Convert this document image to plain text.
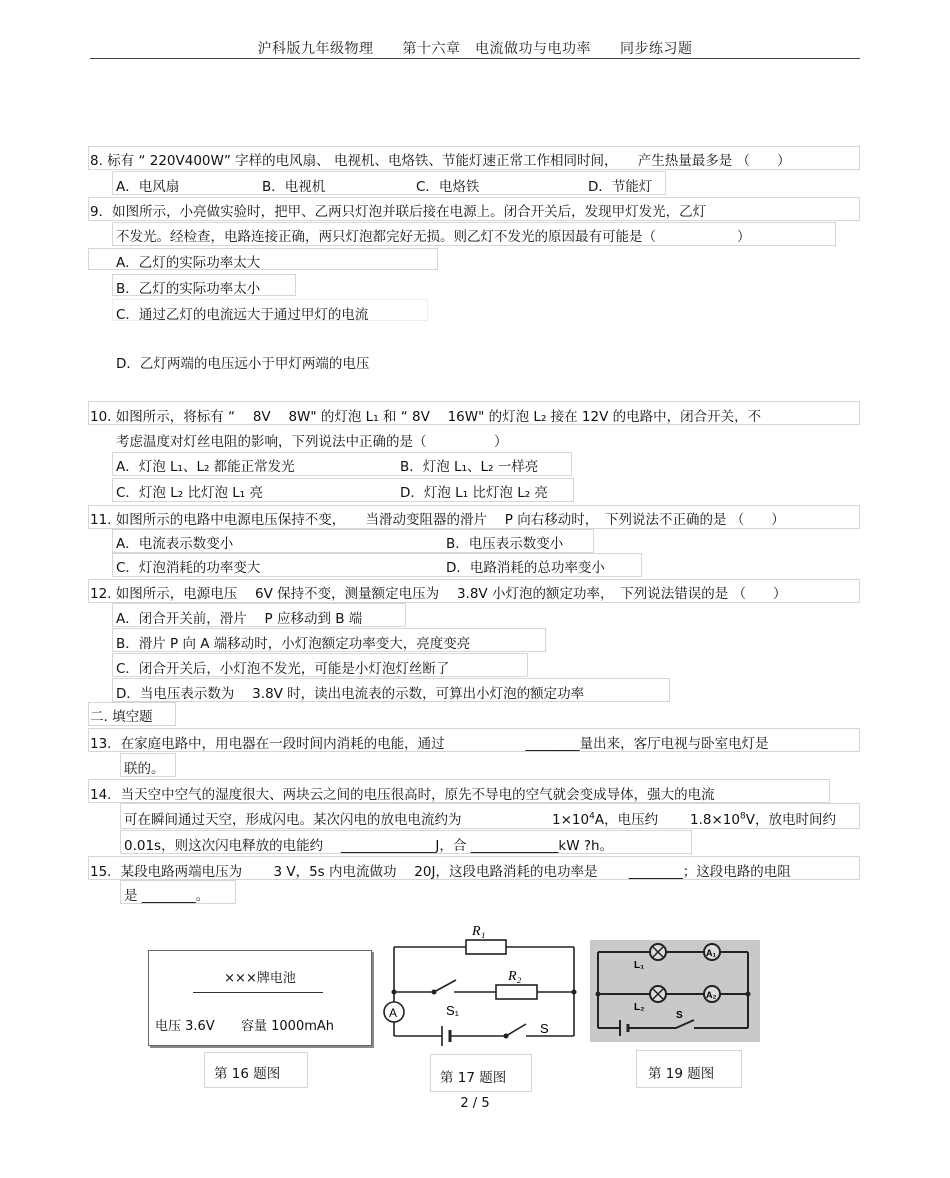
沪科版九年级物理　　第十六章　电流做功与电功率　　同步练习题
8. 标有 “ 220V400W” 字样的电风扇、 电视机、电烙铁、节能灯速正常工作相同时间，　　产生热量最多是 （　　）
A．电风扇	B．电视机	C．电烙铁	D．节能灯
9．如图所示，小亮做实验时，把甲、乙两只灯泡并联后接在电源上。闭合开关后，发现甲灯发光，乙灯
不发光。经检查，电路连接正确，两只灯泡都完好无损。则乙灯不发光的原因最有可能是（　　　　　　）
A．乙灯的实际功率太大
B．乙灯的实际功率太小
C．通过乙灯的电流远大于通过甲灯的电流
D．乙灯两端的电压远小于甲灯两端的电压
10. 如图所示，将标有 “　 8V　 8W" 的灯泡 L₁ 和 “ 8V　 16W" 的灯泡 L₂ 接在 12V 的电路中，闭合开关，不
考虑温度对灯丝电阻的影响，下列说法中正确的是（　　　　　）
A．灯泡 L₁、L₂ 都能正常发光	B．灯泡 L₁、L₂ 一样亮
C．灯泡 L₂ 比灯泡 L₁ 亮	D．灯泡 L₁ 比灯泡 L₂ 亮
11. 如图所示的电路中电源电压保持不变，　　当滑动变阻器的滑片　 P 向右移动时，　下列说法不正确的是 （　　）
A．电流表示数变小	B．电压表示数变小
C．灯泡消耗的功率变大	D．电路消耗的总功率变小
12. 如图所示，电源电压　 6V 保持不变，测量额定电压为　 3.8V 小灯泡的额定功率，　下列说法错误的是 （　　）
A．闭合开关前，滑片　 P 应移动到 B 端
B．滑片 P 向 A 端移动时，小灯泡额定功率变大，亮度变亮
C．闭合开关后，小灯泡不发光，可能是小灯泡灯丝断了
D．当电压表示数为　 3.8V 时，读出电流表的示数，可算出小灯泡的额定功率
二. 填空题
13．在家庭电路中，用电器在一段时间内消耗的电能，通过　　　　　　________量出来，客厅电视与卧室电灯是
联的。
14．当天空中空气的湿度很大、两块云之间的电压很高时，原先不导电的空气就会变成导体，强大的电流
可在瞬间通过天空，形成闪电。某次闪电的放电电流约为	$1\times 10^4A$，电压约 $1.8\times 10^8V$，放电时间约
0.01s，则这次闪电释放的电能约　 ______________J，合 _____________kW ?h。
15．某段电路两端电压为　　 3 V，5s 内电流做功　 20J，这段电路消耗的电功率是　　 ________；这段电路的电阻
是 ________。
×××牌电池
电压 3.6V 容量 1000mAh
第 16 题图
R₁
R₂
A	S₁
S
第 17 题图
A₁
A₂
L₁
L₂
S
第 19 题图
2 / 5
